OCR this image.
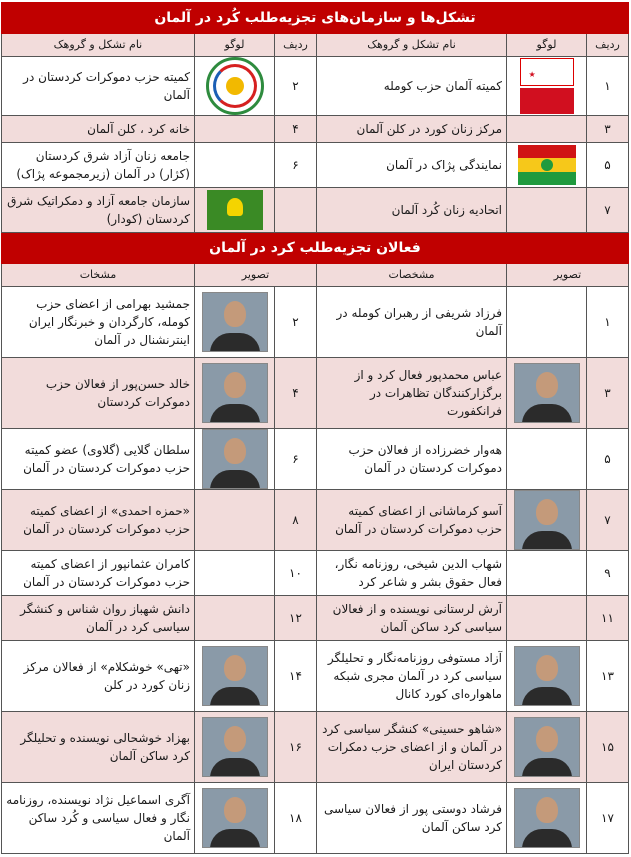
تشکل‌ها و سازمان‌های تجزیه‌طلب کُرد در آلمان					
ردیف	لوگو	نام تشکل و گروهک	ردیف	لوگو	نام تشکل و گروهک
۱	★	کمیته آلمان حزب کومله	۲		کمیته حزب دموکرات کردستان در آلمان
۳		مرکز زنان کورد در کلن آلمان	۴		خانه کرد ، کلن آلمان
۵		نمایندگی پژاک در آلمان	۶		جامعه زنان آزاد شرق کردستان (کژار) در آلمان (زیرمجموعه پژاک)
۷		اتحادیه زنان کُرد آلمان			سازمان جامعه آزاد و دمکراتیک شرق کردستان (کودار)
فعالان تجزیه‌طلب کرد در آلمان					
تصویر		مشخصات	تصویر		مشخات
۱		فرزاد شریفی از رهبران کومله در آلمان	۲		جمشید بهرامی از اعضای حزب کومله، کارگردان و خبرنگار ایران اینترنشنال در آلمان
۳		عباس محمدپور فعال کرد و از برگزارکنندگان تظاهرات در فرانکفورت	۴		خالد حسن‌پور از فعالان حزب دموکرات کردستان
۵		هه‌وار خضرزاده از فعالان حزب دموکرات کردستان در آلمان	۶		سلطان گلایی (گلاوی) عضو کمیته حزب دموکرات کردستان در آلمان
۷		آسو کرماشانی از اعضای کمیته حزب دموکرات کردستان در آلمان	۸		«حمزه احمدی» از اعضای کمیته حزب دموکرات کردستان در آلمان
۹		شهاب الدین شیخی، روزنامه نگار، فعال حقوق بشر و شاعر کرد	۱۰		کامران عثمانپور از اعضای کمیته حزب دموکرات کردستان در آلمان
۱۱		آرش لرستانی نویسنده و از فعالان سیاسی کرد ساکن آلمان	۱۲		دانش شهباز روان شناس و کنشگر سیاسی کرد در آلمان
۱۳		آزاد مستوفی روزنامه‌نگار و تحلیلگر سیاسی کرد در آلمان مجری شبکه ماهواره‌ای کورد کانال	۱۴		«تهی» خوشکلام» از فعالان مرکز زنان کورد در کلن
۱۵		«شاهو حسینی» کنشگر سیاسی کرد در آلمان و از اعضای حزب دمکرات کردستان ایران	۱۶		بهزاد خوشحالی نویسنده و تحلیلگر کرد ساکن آلمان
۱۷		فرشاد دوستی پور از فعالان سیاسی کرد ساکن آلمان	۱۸		آگری اسماعیل نژاد نویسنده، روزنامه نگار و فعال سیاسی و کُرد ساکن آلمان
